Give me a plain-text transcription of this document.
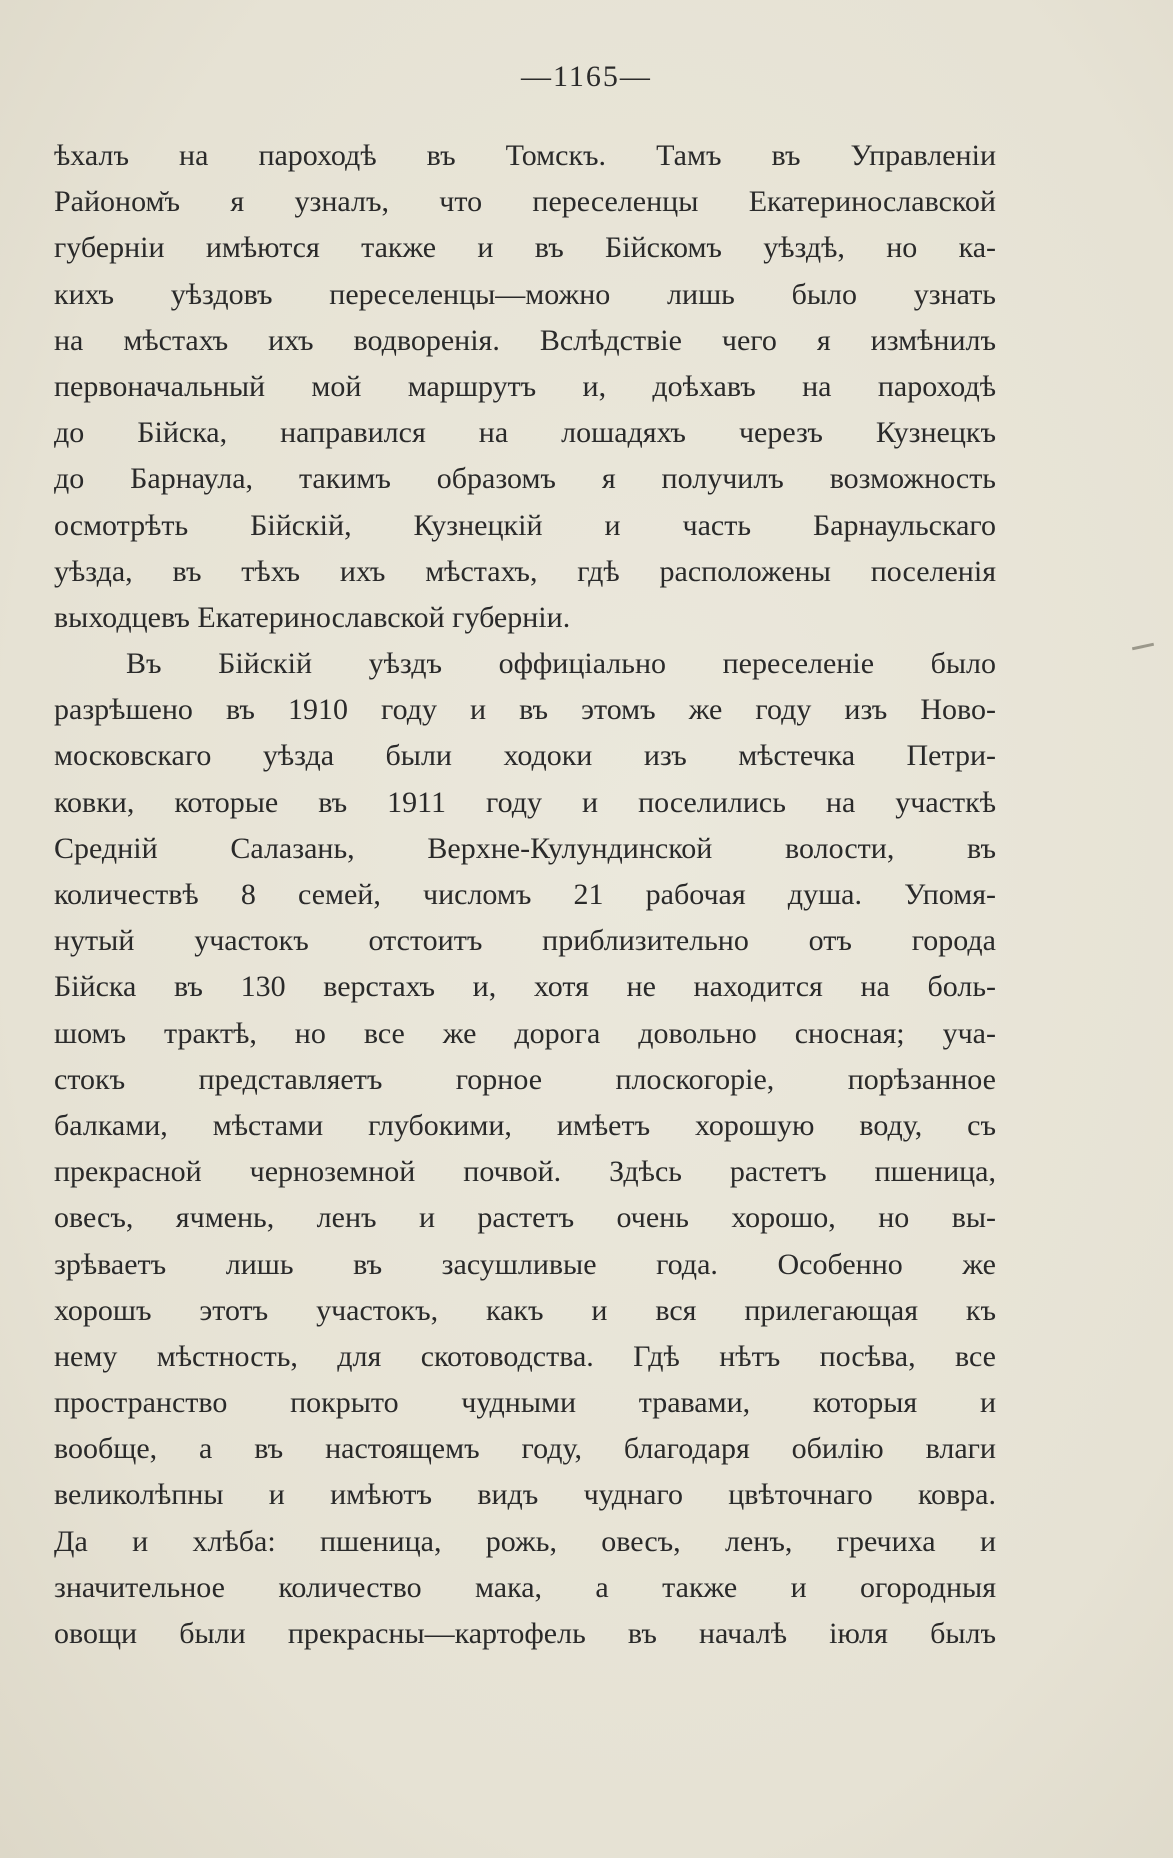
—1165—
ѣхалъ на пароходѣ въ Томскъ. Тамъ въ Управленіи
Районом̆ъ я узналъ, что переселенцы Екатеринославской
губерніи имѣются также и въ Бійскомъ уѣздѣ, но ка-
кихъ уѣздовъ переселенцы—можно лишь было узнать
на мѣстахъ ихъ водворенія. Вслѣдствіе чего я измѣнилъ
первоначальный мой маршрутъ и, доѣхавъ на пароходѣ
до Бійска, направился на лошадяхъ черезъ Кузнецкъ
до Барнаула, такимъ образомъ я получилъ возможность
осмотрѣть Бійскій, Кузнецкій и часть Барнаульскаго
уѣзда, въ тѣхъ ихъ мѣстахъ, гдѣ расположены поселенія
выходцевъ Екатеринославской губерніи.
Въ Бійскій уѣздъ оффиціально переселеніе было
разрѣшено въ 1910 году и въ этомъ же году изъ Ново-
московскаго уѣзда были ходоки изъ мѣстечка Петри-
ковки, которые въ 1911 году и поселились на участкѣ
Средній Салазань, Верхне-Кулундинской волости, въ
количествѣ 8 семей, числомъ 21 рабочая душа. Упомя-
нутый участокъ отстоитъ приблизительно отъ города
Бійска въ 130 верстахъ и, хотя не находится на боль-
шомъ трактѣ, но все же дорога довольно сносная; уча-
стокъ представляетъ горное плоскогоріе, порѣзанное
балками, мѣстами глубокими, имѣетъ хорошую воду, съ
прекрасной черноземной почвой. Здѣсь растетъ пшеница,
овесъ, ячмень, ленъ и растетъ очень хорошо, но вы-
зрѣваетъ лишь въ засушливые года. Особенно же
хорошъ этотъ участокъ, какъ и вся прилегающая къ
нему мѣстность, для скотоводства. Гдѣ нѣтъ посѣва, все
пространство покрыто чудными травами, которыя и
вообще, а въ настоящемъ году, благодаря обилію влаги
великолѣпны и имѣютъ видъ чуднаго цвѣточнаго ковра.
Да и хлѣба: пшеница, рожь, овесъ, ленъ, гречиха и
значительное количество мака, а также и огородныя
овощи были прекрасны—картофель въ началѣ іюля былъ
